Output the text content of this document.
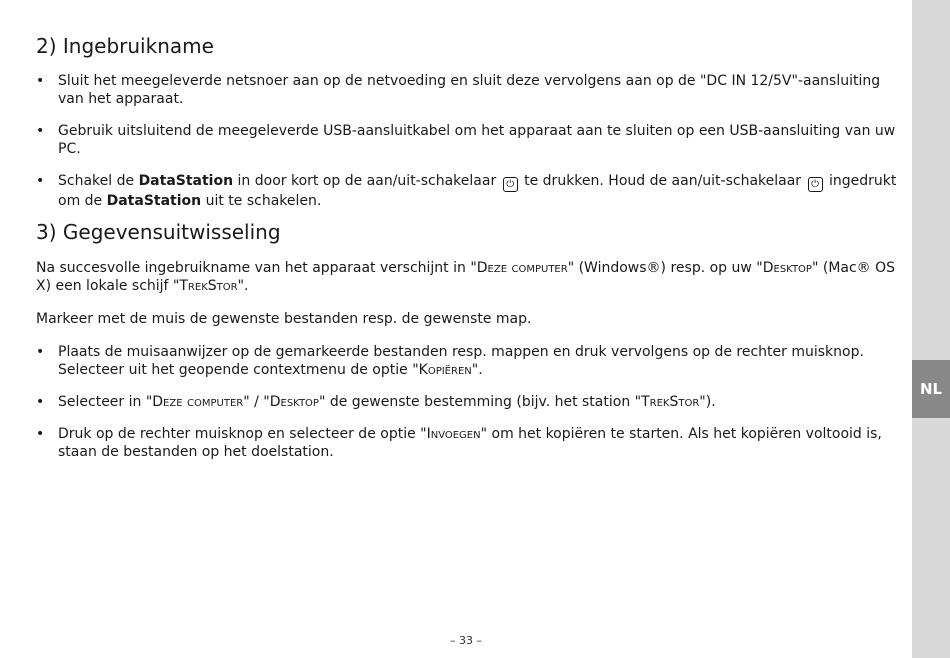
NL
2) Ingebruikname
• Sluit het meegeleverde netsnoer aan op de netvoeding en sluit deze vervolgens aan op de "DC IN 12/5V"-aansluiting van het apparaat.
• Gebruik uitsluitend de meegeleverde USB-aansluitkabel om het apparaat aan te sluiten op een USB-aansluiting van uw PC.
• Schakel de DataStation in door kort op de aan/uit-schakelaar ⏻ te drukken. Houd de aan/uit-schakelaar ⏻ ingedrukt om de DataStation uit te schakelen.
3) Gegevensuitwisseling

Na succesvolle ingebruikname van het apparaat verschijnt in "Deze computer" (Windows®) resp. op uw "Desktop" (Mac® OS X) een lokale schijf "TrekStor".

Markeer met de muis de gewenste bestanden resp. de gewenste map.

• Plaats de muisaanwijzer op de gemarkeerde bestanden resp. mappen en druk vervolgens op de rechter muisknop. Selecteer uit het geopende contextmenu de optie "Kopiëren".
• Selecteer in "Deze computer" / "Desktop" de gewenste bestemming (bijv. het station "TrekStor").
• Druk op de rechter muisknop en selecteer de optie "Invoegen" om het kopiëren te starten. Als het kopiëren voltooid is, staan de bestanden op het doelstation.
– 33 –
